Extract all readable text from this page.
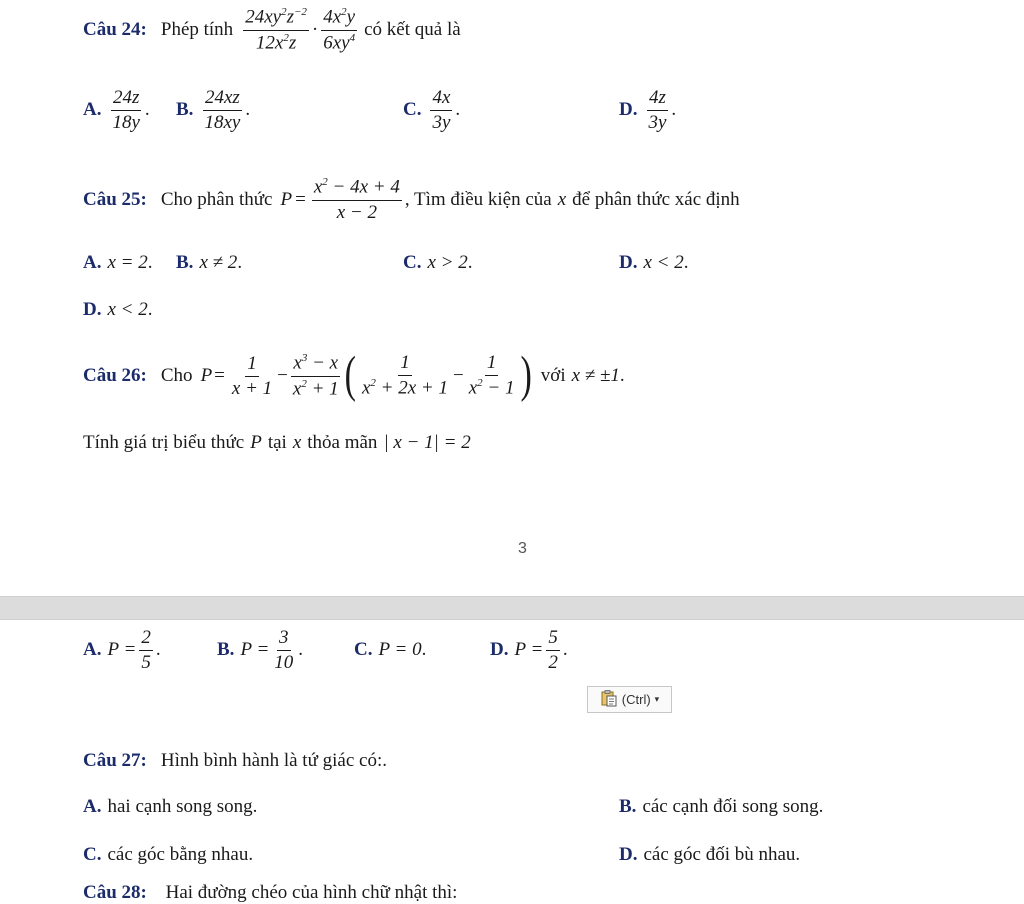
Câu 24: Phép tính $\frac{24xy^2z^{-2}}{12x^2z} \cdot \frac{4x^2y}{6xy^4}$ có kết quả là
A. $\frac{24z}{18y}$ . B. $\frac{24xz}{18xy}$ .	C. $\frac{4x}{3y}$ .	D. $\frac{4z}{3y}$ .
Câu 25: Cho phân thức $P = \frac{x^2 - 4x + 4}{x - 2}$ , Tìm điều kiện của x để phân thức xác định
A. x = 2 . B. x ≠ 2 .	C. x > 2 .	D. x < 2 .
D. x < 2 .
Câu 26: Cho $P = \frac{1}{x + 1} - \frac{x^3 - x}{x^2 + 1}$ ( $\frac{1}{x^2 + 2x + 1} - \frac{1}{x^2 - 1}$ ) với x ≠ ±1 .
Tính giá trị biểu thức P tại x thỏa mãn | x − 1| = 2
3
A. $P = \frac{2}{5}$ .	B. $P = \frac{3}{10}$ .	C. P = 0 .	D. $P = \frac{5}{2}$ .
(Ctrl) ▾
Câu 27: Hình bình hành là tứ giác có:.
A. hai cạnh song song.	B. các cạnh đối song song.
C. các góc bằng nhau.	D. các góc đối bù nhau.
Câu 28: Hai đường chéo của hình chữ nhật thì:
